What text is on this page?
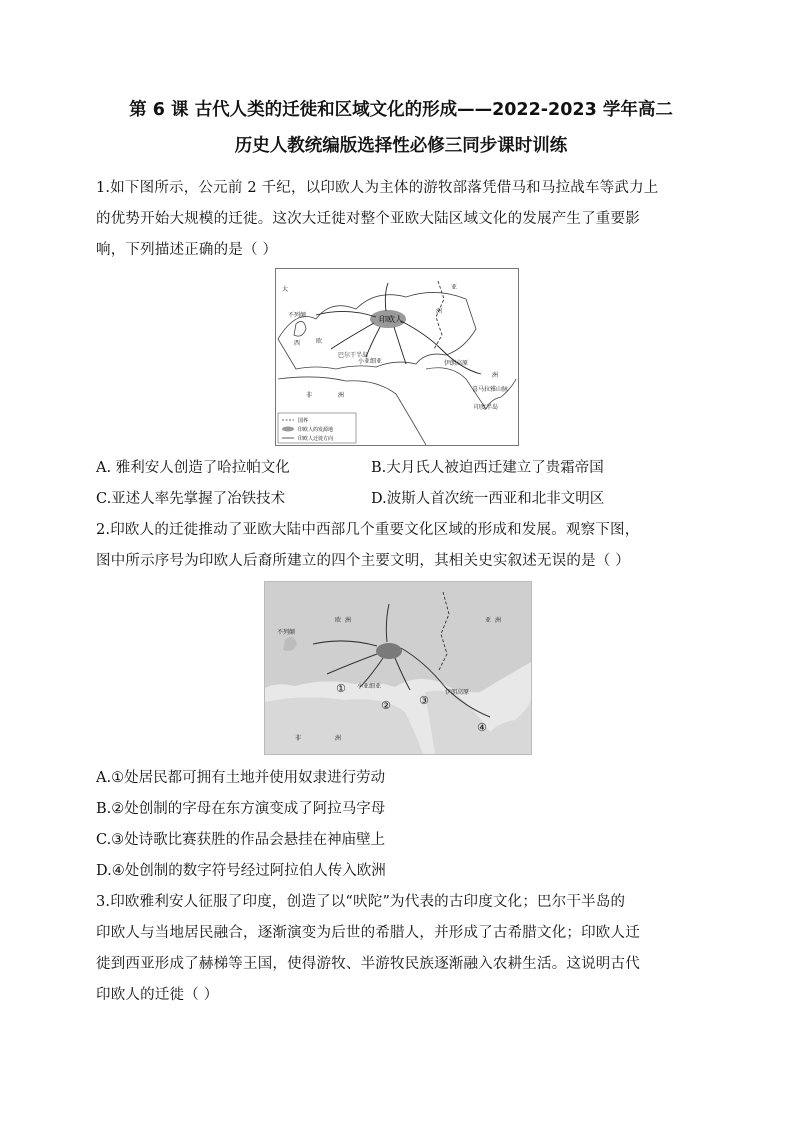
第 6 课 古代人类的迁徙和区域文化的形成——2022-2023 学年高二
历史人教统编版选择性必修三同步课时训练
1.如下图所示，公元前 2 千纪，以印欧人为主体的游牧部落凭借马和马拉战车等武力上
的优势开始大规模的迁徙。这次大迁徙对整个亚欧大陆区域文化的发展产生了重要影
响，下列描述正确的是（ ）
印欧人
大
不列颠
西	欧
巴尔干半岛
小亚细亚	伊朗高原
洲
非	洲
印度半岛
喜马拉雅山脉
亚
洲
国界
印欧人的发源地
印欧人迁徙方向
A. 雅利安人创造了哈拉帕文化	B.大月氏人被迫西迁建立了贵霜帝国
C.亚述人率先掌握了冶铁技术	D.波斯人首次统一西亚和北非文明区
2.印欧人的迁徙推动了亚欧大陆中西部几个重要文化区域的形成和发展。观察下图，
图中所示序号为印欧人后裔所建立的四个主要文明，其相关史实叙述无误的是（ ）
不列颠
小亚细亚
伊朗高原
非	洲
欧 洲	亚 洲
①
②	③
④
A.①处居民都可拥有土地并使用奴隶进行劳动
B.②处创制的字母在东方演变成了阿拉马字母
C.③处诗歌比赛获胜的作品会悬挂在神庙壁上
D.④处创制的数字符号经过阿拉伯人传入欧洲
3.印欧雅利安人征服了印度，创造了以“吠陀”为代表的古印度文化；巴尔干半岛的
印欧人与当地居民融合，逐渐演变为后世的希腊人，并形成了古希腊文化；印欧人迁
徙到西亚形成了赫梯等王国，使得游牧、半游牧民族逐渐融入农耕生活。这说明古代
印欧人的迁徙（ ）
